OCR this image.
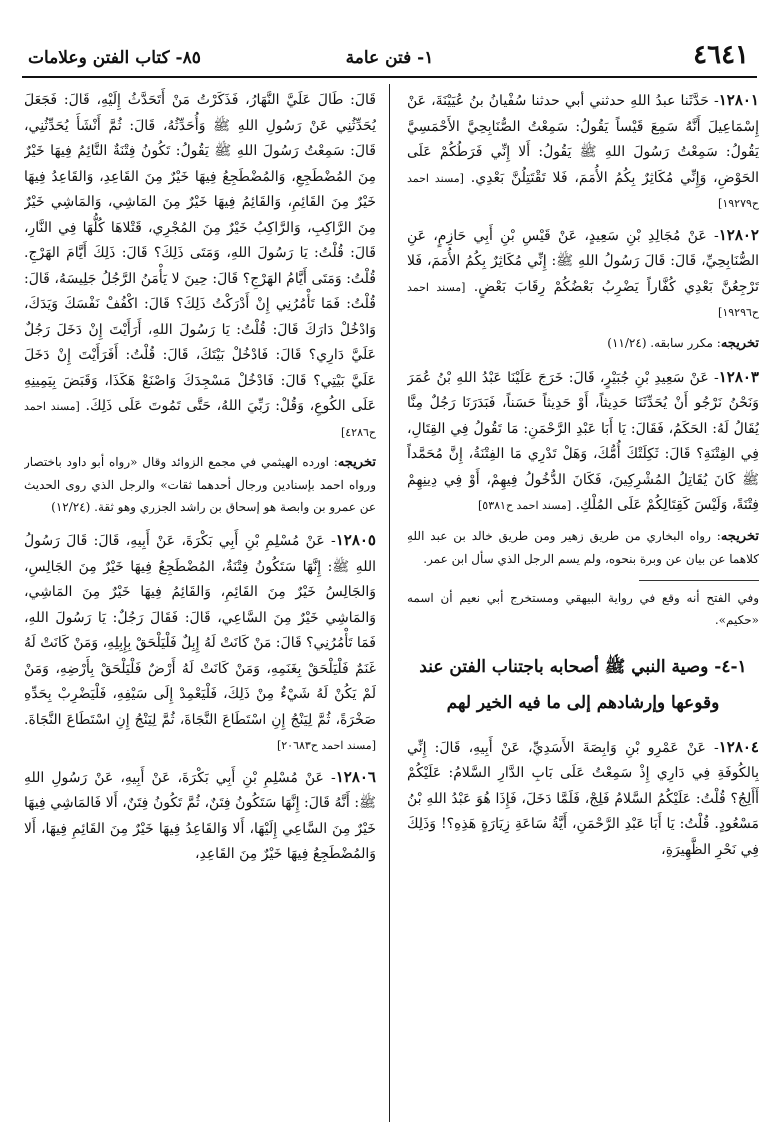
٤٦٤١
١- فتن عامة
٨٥- كتاب الفتن وعلامات

١٢٨٠١- حَدَّثَنا عبدُ اللهِ حدثني أبي حدثنا سُفْيانُ بنُ عُيَيْنَةَ، عَنْ إِسْمَاعِيلَ أَنَّهُ سَمِعَ قَيْساً يَقُولُ: سَمِعْتُ الصُّنَابِحِيَّ الأَحْمَسِيَّ يَقُولُ: سَمِعْتُ رَسُولَ اللهِ ﷺ يَقُولُ: أَلا إِنِّي فَرَطُكُمْ عَلَى الحَوْضِ، وَإِنِّي مُكَاثِرٌ بِكُمُ الأُمَمَ، فَلا تَقْتَتِلُنَّ بَعْدِي. [مسند احمد ح١٩٢٧٩]

١٢٨٠٢- عَنْ مُجَالِدِ بْنِ سَعِيدٍ، عَنْ قَيْسِ بْنِ أَبِي حَازِمٍ، عَنِ الصُّنَابِحِيِّ، قَالَ: قَالَ رَسُولُ اللهِ ﷺ: إِنِّي مُكَاثِرٌ بِكُمُ الأُمَمَ، فَلا تَرْجِعُنَّ بَعْدِي كُفَّاراً يَضْرِبُ بَعْضُكُمْ رِقَابَ بَعْضٍ. [مسند احمد ح١٩٢٩٦]

تخريجه: مكرر سابقه. (١١/٢٤)

١٢٨٠٣- عَنْ سَعِيدِ بْنِ جُبَيْرٍ، قَالَ: خَرَجَ عَلَيْنَا عَبْدُ اللهِ بْنُ عُمَرَ وَنَحْنُ نَرْجُو أَنْ يُحَدِّثَنَا حَدِيثاً، أَوْ حَدِيثاً حَسَناً، فَبَدَرَنَا رَجُلٌ مِنَّا يُقَالُ لَهُ: الحَكَمُ، فَقَالَ: يَا أَبَا عَبْدِ الرَّحْمَنِ: مَا تَقُولُ فِي القِتَالِ، فِي الفِتْنَةِ؟ قَالَ: ثَكِلَتْكَ أُمُّكَ، وَهَلْ تَدْرِي مَا الفِتْنَةُ، إِنَّ مُحَمَّداً ﷺ كَانَ يُقَاتِلُ المُشْرِكِينَ، فَكَانَ الدُّخُولُ فِيهِمْ، أَوْ فِي دِينِهِمْ فِتْنَةً، وَلَيْسَ كَقِتَالِكُمْ عَلَى المُلْكِ. [مسند احمد ح٥٣٨١]

تخريجه: رواه البخاري من طريق زهير ومن طريق خالد بن عبد اللهِ كلاهما عن بيان عن وبرة بنحوه، ولم يسم الرجل الذي سأل ابن عمر.

وفي الفتح أنه وقع في رواية البيهقي ومستخرج أبي نعيم أن اسمه «حكيم».

١-٤- وصية النبي ﷺ أصحابه باجتناب الفتن عند وقوعها وإرشادهم إلى ما فيه الخير لهم

١٢٨٠٤- عَنْ عَمْرِو بْنِ وَابِصَةَ الأَسَدِيِّ، عَنْ أَبِيهِ، قَالَ: إِنِّي بِالكُوفَةِ فِي دَارِي إِذْ سَمِعْتُ عَلَى بَابِ الدَّارِ السَّلامُ: عَلَيْكُمْ أَأَلِجُ؟ قُلْتُ: عَلَيْكُمُ السَّلامُ فَلِجْ، فَلَمَّا دَخَلَ، فَإِذَا هُوَ عَبْدُ اللهِ بْنُ مَسْعُودٍ. قُلْتُ: يَا أَبَا عَبْدِ الرَّحْمَنِ، أَيَّةُ سَاعَةِ زِيَارَةٍ هَذِهِ؟! وَذَلِكَ فِي نَحْرِ الظَّهِيرَةِ،

قَالَ: طَالَ عَلَيَّ النَّهَارُ، فَذَكَرْتُ مَنْ أَتَحَدَّثُ إِلَيْهِ، قَالَ: فَجَعَلَ يُحَدِّثُنِي عَنْ رَسُولِ اللهِ ﷺ وَأُحَدِّثُهُ، قَالَ: ثُمَّ أَنْشَأَ يُحَدِّثُنِي، قَالَ: سَمِعْتُ رَسُولَ اللهِ ﷺ يَقُولُ: تَكُونُ فِتْنَةٌ النَّائِمُ فِيهَا خَيْرٌ مِنَ المُضْطَجِعِ، وَالمُضْطَجِعُ فِيهَا خَيْرٌ مِنَ القَاعِدِ، وَالقَاعِدُ فِيهَا خَيْرٌ مِنَ القَائِمِ، وَالقَائِمُ فِيهَا خَيْرٌ مِنَ المَاشِي، وَالمَاشِي خَيْرٌ مِنَ الرَّاكِبِ، وَالرَّاكِبُ خَيْرٌ مِنَ المُجْرِي، قَتْلاهَا كُلُّهَا فِي النَّارِ، قَالَ: قُلْتُ: يَا رَسُولَ اللهِ، وَمَتَى ذَلِكَ؟ قَالَ: ذَلِكَ أَيَّامَ الهَرْجِ. قُلْتُ: وَمَتَى أَيَّامُ الهَرْجِ؟ قَالَ: حِينَ لا يَأْمَنُ الرَّجُلُ جَلِيسَهُ، قَالَ: قُلْتُ: فَمَا تَأْمُرُنِي إِنْ أَدْرَكْتُ ذَلِكَ؟ قَالَ: اكْفُفْ نَفْسَكَ وَيَدَكَ، وَادْخُلْ دَارَكَ قَالَ: قُلْتُ: يَا رَسُولَ اللهِ، أَرَأَيْتَ إِنْ دَخَلَ رَجُلٌ عَلَيَّ دَارِي؟ قَالَ: فَادْخُلْ بَيْتَكَ، قَالَ: قُلْتُ: أَفَرَأَيْتَ إِنْ دَخَلَ عَلَيَّ بَيْتِي؟ قَالَ: فَادْخُلْ مَسْجِدَكَ وَاصْنَعْ هَكَذَا، وَقَبَضَ بِيَمِينِهِ عَلَى الكُوعِ، وَقُلْ: رَبِّيَ اللهُ، حَتَّى تَمُوتَ عَلَى ذَلِكَ. [مسند احمد ح٤٢٨٦]

تخريجه: اورده الهيثمي في مجمع الزوائد وقال «رواه أبو داود باختصار ورواه احمد بإسنادين ورجال أحدهما ثقات» والرجل الذي روى الحديث عن عمرو بن وابصة هو إسحاق بن راشد الجزري وهو ثقة. (١٢/٢٤)

١٢٨٠٥- عَنْ مُسْلِمِ بْنِ أَبِي بَكْرَةَ، عَنْ أَبِيهِ، قَالَ: قَالَ رَسُولُ اللهِ ﷺ: إِنَّهَا سَتَكُونُ فِتْنَةٌ، المُضْطَجِعُ فِيهَا خَيْرٌ مِنَ الجَالِسِ، وَالجَالِسُ خَيْرٌ مِنَ القَائِمِ، وَالقَائِمُ فِيهَا خَيْرٌ مِنَ المَاشِي، وَالمَاشِي خَيْرٌ مِنَ السَّاعِي، قَالَ: فَقَالَ رَجُلٌ: يَا رَسُولَ اللهِ، فَمَا تَأْمُرُنِي؟ قَالَ: مَنْ كَانَتْ لَهُ إِبِلٌ فَلْيَلْحَقْ بِإِبِلِهِ، وَمَنْ كَانَتْ لَهُ غَنَمٌ فَلْيَلْحَقْ بِغَنَمِهِ، وَمَنْ كَانَتْ لَهُ أَرْضٌ فَلْيَلْحَقْ بِأَرْضِهِ، وَمَنْ لَمْ يَكُنْ لَهُ شَيْءٌ مِنْ ذَلِكَ، فَلْيَعْمِدْ إِلَى سَيْفِهِ، فَلْيَضْرِبْ بِحَدِّهِ صَخْرَةً، ثُمَّ لِيَنْجُ إِنِ اسْتَطَاعَ النَّجَاةَ، ثُمَّ لِيَنْجُ إِنِ اسْتَطَاعَ النَّجَاةَ. [مسند احمد ح٢٠٦٨٣]

١٢٨٠٦- عَنْ مُسْلِمِ بْنِ أَبِي بَكْرَةَ، عَنْ أَبِيهِ، عَنْ رَسُولِ اللهِ ﷺ: أَنَّهُ قَالَ: إِنَّهَا سَتَكُونُ فِتَنٌ، ثُمَّ تَكُونُ فِتَنٌ، أَلا فَالمَاشِي فِيهَا خَيْرٌ مِنَ السَّاعِي إِلَيْهَا، أَلا وَالقَاعِدُ فِيهَا خَيْرٌ مِنَ القَائِمِ فِيهَا، أَلا وَالمُضْطَجِعُ فِيهَا خَيْرٌ مِنَ القَاعِدِ،
